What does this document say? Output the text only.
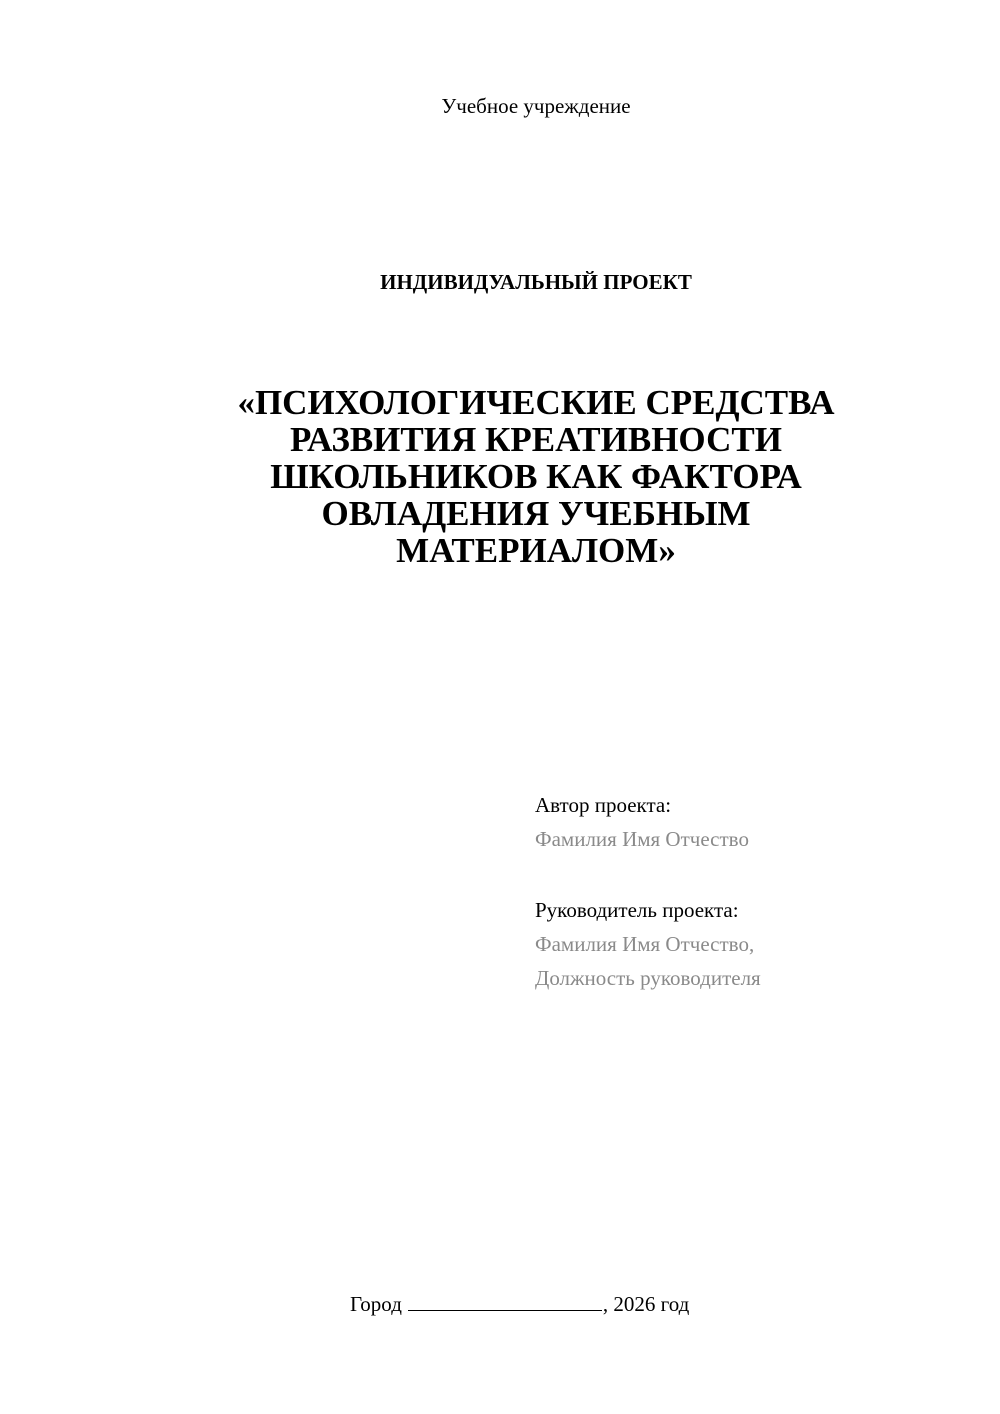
Учебное учреждение
ИНДИВИДУАЛЬНЫЙ ПРОЕКТ
«ПСИХОЛОГИЧЕСКИЕ СРЕДСТВА
РАЗВИТИЯ КРЕАТИВНОСТИ
ШКОЛЬНИКОВ КАК ФАКТОРА
ОВЛАДЕНИЯ УЧЕБНЫМ
МАТЕРИАЛОМ»
Автор проекта:
Фамилия Имя Отчество
Руководитель проекта:
Фамилия Имя Отчество,
Должность руководителя
Город	, 2026 год
